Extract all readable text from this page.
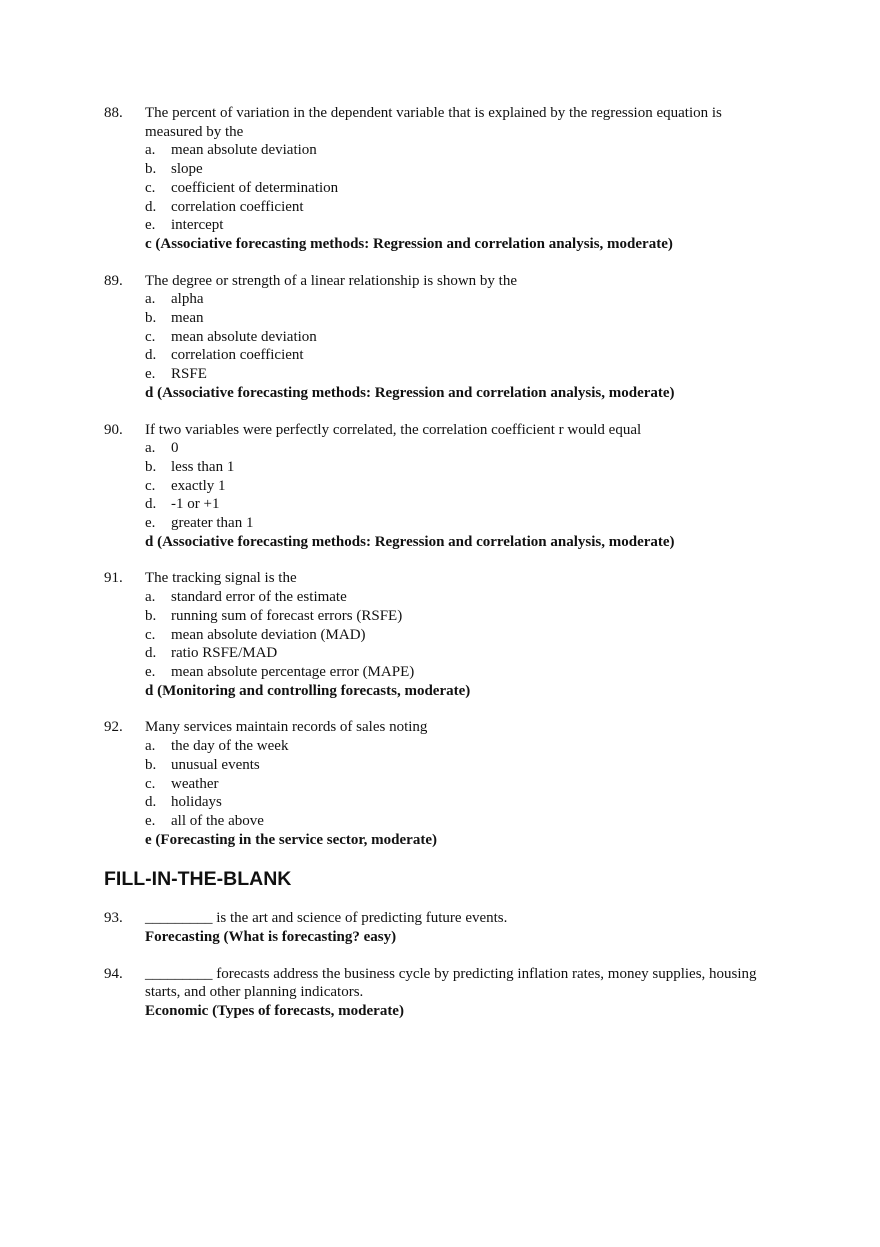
88.	The percent of variation in the dependent variable that is explained by the regression equation is measured by the
a.	mean absolute deviation
b. slope
c.	coefficient of determination
d. correlation coefficient
e.	intercept
c (Associative forecasting methods: Regression and correlation analysis, moderate)
89.	The degree or strength of a linear relationship is shown by the
a.	alpha
b. mean
c.	mean absolute deviation
d. correlation coefficient
e.	RSFE
d (Associative forecasting methods: Regression and correlation analysis, moderate)
90.	If two variables were perfectly correlated, the correlation coefficient r would equal
a.	0
b. less than 1
c.	exactly 1
d. -1 or +1
e.	greater than 1
d (Associative forecasting methods: Regression and correlation analysis, moderate)
91.	The tracking signal is the
a.	standard error of the estimate
b. running sum of forecast errors (RSFE)
c.	mean absolute deviation (MAD)
d. ratio RSFE/MAD
e.	mean absolute percentage error (MAPE)
d (Monitoring and controlling forecasts, moderate)
92.	Many services maintain records of sales noting
a.	the day of the week
b. unusual events
c.	weather
d. holidays
e.	all of the above
e (Forecasting in the service sector, moderate)
FILL-IN-THE-BLANK
93.	_________ is the art and science of predicting future events.
Forecasting (What is forecasting? easy)
94.	_________ forecasts address the business cycle by predicting inflation rates, money supplies, housing starts, and other planning indicators.
Economic (Types of forecasts, moderate)
